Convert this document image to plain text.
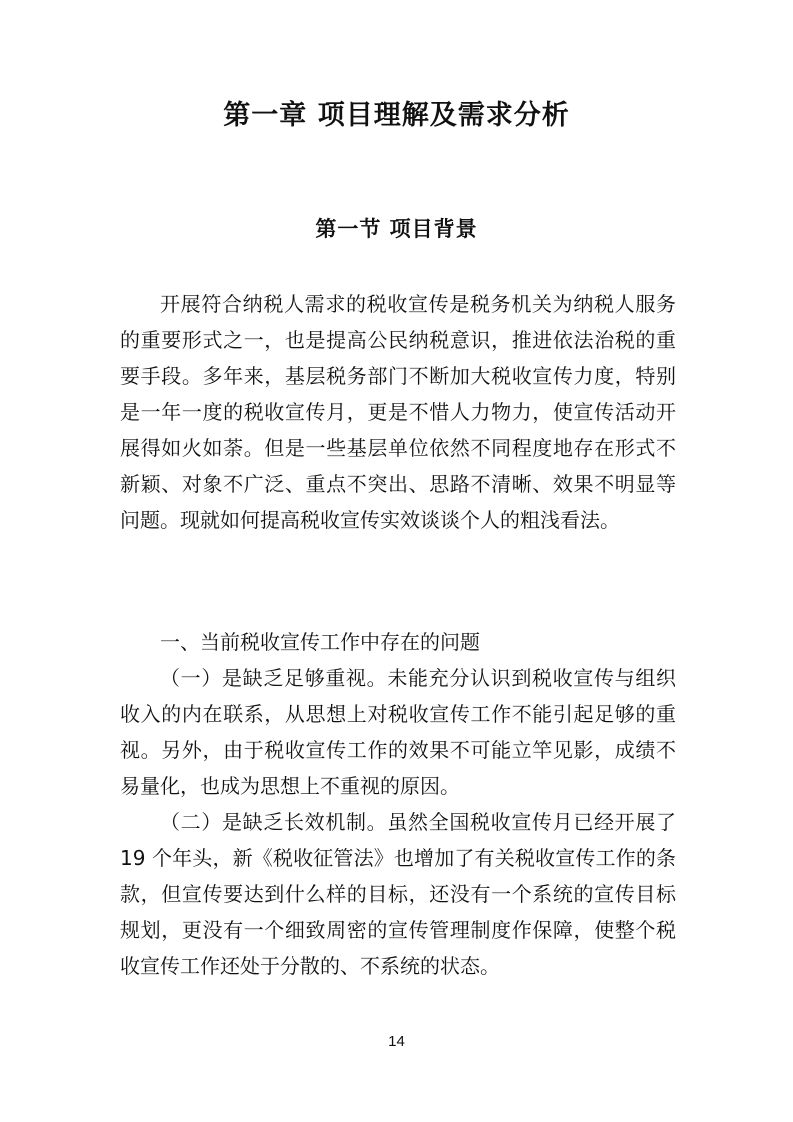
第一章 项目理解及需求分析
第一节 项目背景

开展符合纳税人需求的税收宣传是税务机关为纳税人服务的重要形式之一，也是提高公民纳税意识，推进依法治税的重要手段。多年来，基层税务部门不断加大税收宣传力度，特别是一年一度的税收宣传月，更是不惜人力物力，使宣传活动开展得如火如荼。但是一些基层单位依然不同程度地存在形式不新颖、对象不广泛、重点不突出、思路不清晰、效果不明显等问题。现就如何提高税收宣传实效谈谈个人的粗浅看法。

一、当前税收宣传工作中存在的问题

（一）是缺乏足够重视。未能充分认识到税收宣传与组织收入的内在联系，从思想上对税收宣传工作不能引起足够的重视。另外，由于税收宣传工作的效果不可能立竿见影，成绩不易量化，也成为思想上不重视的原因。

（二）是缺乏长效机制。虽然全国税收宣传月已经开展了 19 个年头，新《税收征管法》也增加了有关税收宣传工作的条款，但宣传要达到什么样的目标，还没有一个系统的宣传目标规划，更没有一个细致周密的宣传管理制度作保障，使整个税收宣传工作还处于分散的、不系统的状态。

14
